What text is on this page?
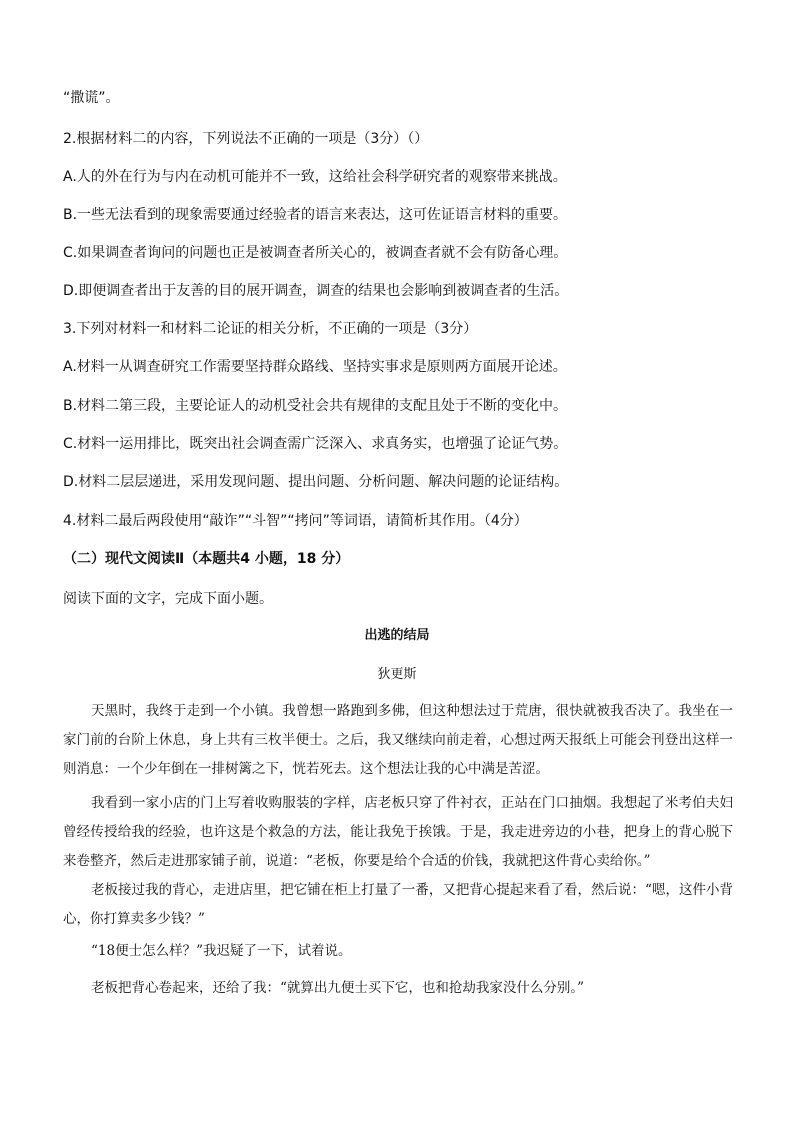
“撒谎”。
2.根据材料二的内容，下列说法不正确的一项是（3分）（）
A.人的外在行为与内在动机可能并不一致，这给社会科学研究者的观察带来挑战。
B.一些无法看到的现象需要通过经验者的语言来表达，这可佐证语言材料的重要。
C.如果调查者询问的问题也正是被调查者所关心的，被调查者就不会有防备心理。
D.即便调查者出于友善的目的展开调查，调查的结果也会影响到被调查者的生活。
3.下列对材料一和材料二论证的相关分析，不正确的一项是（3分）
A.材料一从调查研究工作需要坚持群众路线、坚持实事求是原则两方面展开论述。
B.材料二第三段，主要论证人的动机受社会共有规律的支配且处于不断的变化中。
C.材料一运用排比，既突出社会调查需广泛深入、求真务实，也增强了论证气势。
D.材料二层层递进，采用发现问题、提出问题、分析问题、解决问题的论证结构。
4.材料二最后两段使用“敲诈”“斗智”“拷问”等词语，请简析其作用。（4分）
（二）现代文阅读Ⅱ（本题共4 小题，18 分）
阅读下面的文字，完成下面小题。
出逃的结局
狄更斯
天黑时，我终于走到一个小镇。我曾想一路跑到多佛，但这种想法过于荒唐，很快就被我否决了。我坐在一家门前的台阶上休息，身上共有三枚半便士。之后，我又继续向前走着，心想过两天报纸上可能会刊登出这样一则消息：一个少年倒在一排树篱之下，恍若死去。这个想法让我的心中满是苦涩。
我看到一家小店的门上写着收购服装的字样，店老板只穿了件衬衣，正站在门口抽烟。我想起了米考伯夫妇曾经传授给我的经验，也许这是个救急的方法，能让我免于挨饿。于是，我走进旁边的小巷，把身上的背心脱下来卷整齐，然后走进那家铺子前，说道：“老板，你要是给个合适的价钱，我就把这件背心卖给你。”
老板接过我的背心，走进店里，把它铺在柜上打量了一番，又把背心提起来看了看，然后说：“嗯，这件小背心，你打算卖多少钱？”
“18便士怎么样？”我迟疑了一下，试着说。
老板把背心卷起来，还给了我：“就算出九便士买下它，也和抢劫我家没什么分别。”
